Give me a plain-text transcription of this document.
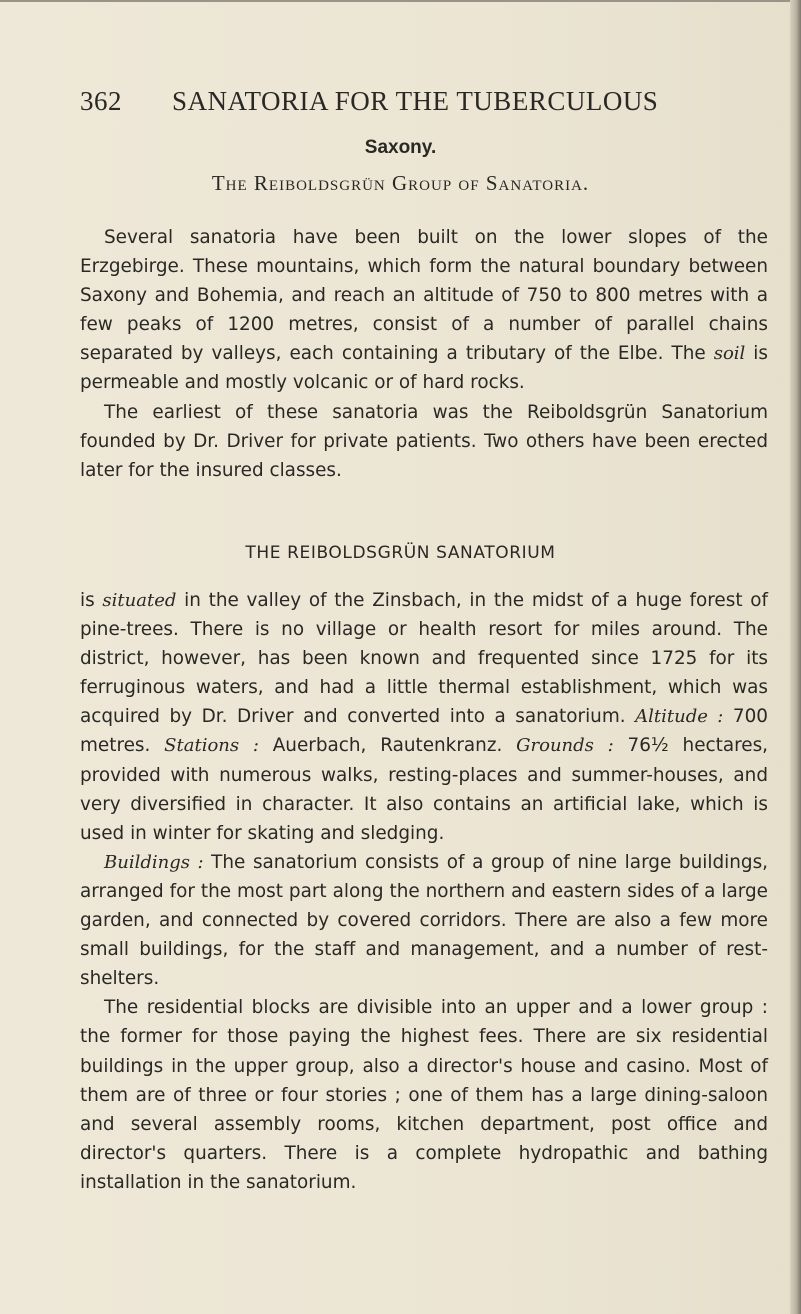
362 SANATORIA FOR THE TUBERCULOUS
Saxony.
The Reiboldsgrün Group of Sanatoria.

Several sanatoria have been built on the lower slopes of the Erzgebirge. These mountains, which form the natural boundary between Saxony and Bohemia, and reach an altitude of 750 to 800 metres with a few peaks of 1200 metres, consist of a number of parallel chains separated by valleys, each containing a tributary of the Elbe. The soil is permeable and mostly volcanic or of hard rocks.

The earliest of these sanatoria was the Reiboldsgrün Sanatorium founded by Dr. Driver for private patients. Two others have been erected later for the insured classes.

THE REIBOLDSGRÜN SANATORIUM

is situated in the valley of the Zinsbach, in the midst of a huge forest of pine-trees. There is no village or health resort for miles around. The district, however, has been known and frequented since 1725 for its ferruginous waters, and had a little thermal establishment, which was acquired by Dr. Driver and converted into a sanatorium. Altitude : 700 metres. Stations : Auerbach, Rautenkranz. Grounds : 76½ hectares, provided with numerous walks, resting-places and summer-houses, and very diversified in character. It also contains an artificial lake, which is used in winter for skating and sledging.

Buildings : The sanatorium consists of a group of nine large buildings, arranged for the most part along the northern and eastern sides of a large garden, and connected by covered corridors. There are also a few more small buildings, for the staff and management, and a number of rest-shelters.

The residential blocks are divisible into an upper and a lower group : the former for those paying the highest fees. There are six residential buildings in the upper group, also a director's house and casino. Most of them are of three or four stories ; one of them has a large dining-saloon and several assembly rooms, kitchen department, post office and director's quarters. There is a complete hydropathic and bathing installation in the sanatorium.
